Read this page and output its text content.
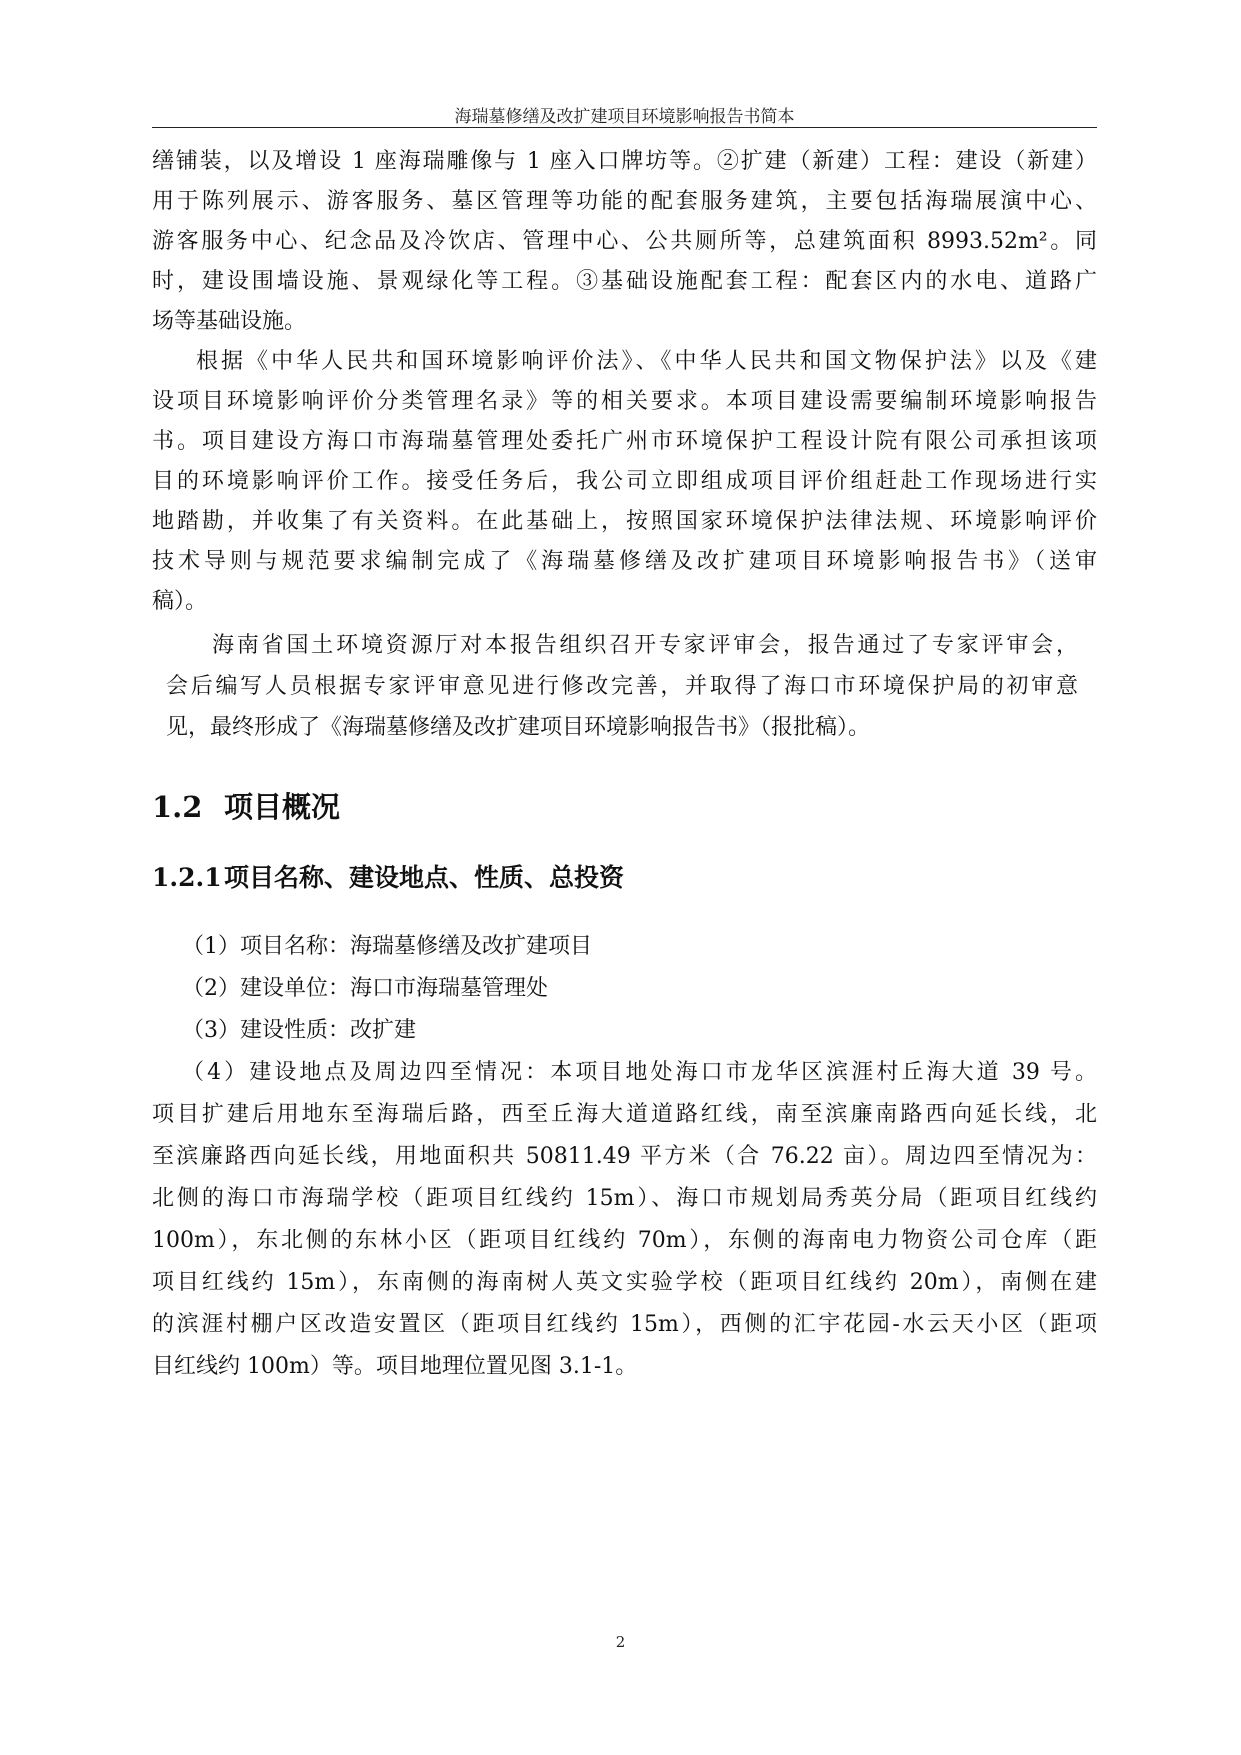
海瑞墓修缮及改扩建项目环境影响报告书简本
缮铺装，以及增设 1 座海瑞雕像与 1 座入口牌坊等。②扩建（新建）工程：建设（新建）
用于陈列展示、游客服务、墓区管理等功能的配套服务建筑，主要包括海瑞展演中心、
游客服务中心、纪念品及冷饮店、管理中心、公共厕所等，总建筑面积 8993.52m²。同
时，建设围墙设施、景观绿化等工程。③基础设施配套工程：配套区内的水电、道路广
场等基础设施。
根据《中华人民共和国环境影响评价法》、《中华人民共和国文物保护法》以及《建
设项目环境影响评价分类管理名录》等的相关要求。本项目建设需要编制环境影响报告
书。项目建设方海口市海瑞墓管理处委托广州市环境保护工程设计院有限公司承担该项
目的环境影响评价工作。接受任务后，我公司立即组成项目评价组赶赴工作现场进行实
地踏勘，并收集了有关资料。在此基础上，按照国家环境保护法律法规、环境影响评价
技术导则与规范要求编制完成了《海瑞墓修缮及改扩建项目环境影响报告书》（送审
稿）。
海南省国土环境资源厅对本报告组织召开专家评审会，报告通过了专家评审会，
会后编写人员根据专家评审意见进行修改完善，并取得了海口市环境保护局的初审意
见，最终形成了《海瑞墓修缮及改扩建项目环境影响报告书》（报批稿）。
1.2 项目概况
1.2.1项目名称、建设地点、性质、总投资
（1）项目名称：海瑞墓修缮及改扩建项目
（2）建设单位：海口市海瑞墓管理处
（3）建设性质：改扩建
（4）建设地点及周边四至情况：本项目地处海口市龙华区滨涯村丘海大道 39 号。
项目扩建后用地东至海瑞后路，西至丘海大道道路红线，南至滨廉南路西向延长线，北
至滨廉路西向延长线，用地面积共 50811.49 平方米（合 76.22 亩）。周边四至情况为：
北侧的海口市海瑞学校（距项目红线约 15m）、海口市规划局秀英分局（距项目红线约
100m），东北侧的东林小区（距项目红线约 70m），东侧的海南电力物资公司仓库（距
项目红线约 15m），东南侧的海南树人英文实验学校（距项目红线约 20m），南侧在建
的滨涯村棚户区改造安置区（距项目红线约 15m），西侧的汇宇花园-水云天小区（距项
目红线约 100m）等。项目地理位置见图 3.1-1。
2
